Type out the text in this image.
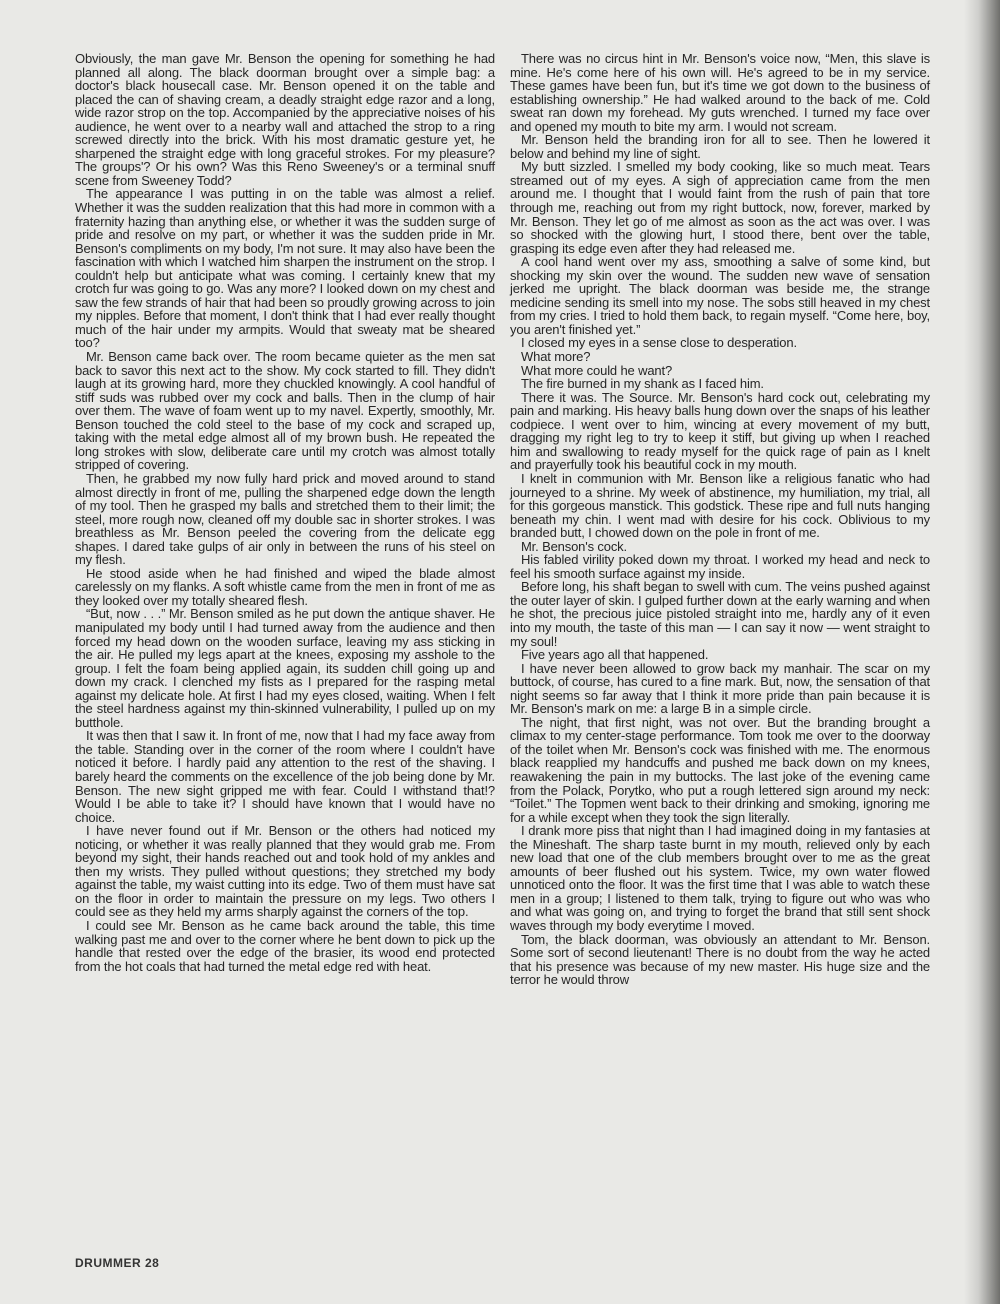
Obviously, the man gave Mr. Benson the opening for something he had planned all along. The black doorman brought over a simple bag: a doctor's black housecall case. Mr. Benson opened it on the table and placed the can of shaving cream, a deadly straight edge razor and a long, wide razor strop on the top. Accompanied by the appreciative noises of his audience, he went over to a nearby wall and attached the strop to a ring screwed directly into the brick. With his most dramatic gesture yet, he sharpened the straight edge with long graceful strokes. For my pleasure? The groups'? Or his own? Was this Reno Sweeney's or a terminal snuff scene from Sweeney Todd?

The appearance I was putting in on the table was almost a relief. Whether it was the sudden realization that this had more in common with a fraternity hazing than anything else, or whether it was the sudden surge of pride and resolve on my part, or whether it was the sudden pride in Mr. Benson's compliments on my body, I'm not sure. It may also have been the fascination with which I watched him sharpen the instrument on the strop. I couldn't help but anticipate what was coming. I certainly knew that my crotch fur was going to go. Was any more? I looked down on my chest and saw the few strands of hair that had been so proudly growing across to join my nipples. Before that moment, I don't think that I had ever really thought much of the hair under my armpits. Would that sweaty mat be sheared too?

Mr. Benson came back over. The room became quieter as the men sat back to savor this next act to the show. My cock started to fill. They didn't laugh at its growing hard, more they chuckled knowingly. A cool handful of stiff suds was rubbed over my cock and balls. Then in the clump of hair over them. The wave of foam went up to my navel. Expertly, smoothly, Mr. Benson touched the cold steel to the base of my cock and scraped up, taking with the metal edge almost all of my brown bush. He repeated the long strokes with slow, deliberate care until my crotch was almost totally stripped of covering.

Then, he grabbed my now fully hard prick and moved around to stand almost directly in front of me, pulling the sharpened edge down the length of my tool. Then he grasped my balls and stretched them to their limit; the steel, more rough now, cleaned off my double sac in shorter strokes. I was breathless as Mr. Benson peeled the covering from the delicate egg shapes. I dared take gulps of air only in between the runs of his steel on my flesh.

He stood aside when he had finished and wiped the blade almost carelessly on my flanks. A soft whistle came from the men in front of me as they looked over my totally sheared flesh.

“But, now . . .” Mr. Benson smiled as he put down the antique shaver. He manipulated my body until I had turned away from the audience and then forced my head down on the wooden surface, leaving my ass sticking in the air. He pulled my legs apart at the knees, exposing my asshole to the group. I felt the foam being applied again, its sudden chill going up and down my crack. I clenched my fists as I prepared for the rasping metal against my delicate hole. At first I had my eyes closed, waiting. When I felt the steel hardness against my thin-skinned vulnerability, I pulled up on my butthole.

It was then that I saw it. In front of me, now that I had my face away from the table. Standing over in the corner of the room where I couldn't have noticed it before. I hardly paid any attention to the rest of the shaving. I barely heard the comments on the excellence of the job being done by Mr. Benson. The new sight gripped me with fear. Could I withstand that!? Would I be able to take it? I should have known that I would have no choice.

I have never found out if Mr. Benson or the others had noticed my noticing, or whether it was really planned that they would grab me. From beyond my sight, their hands reached out and took hold of my ankles and then my wrists. They pulled without questions; they stretched my body against the table, my waist cutting into its edge. Two of them must have sat on the floor in order to maintain the pressure on my legs. Two others I could see as they held my arms sharply against the corners of the top.

I could see Mr. Benson as he came back around the table, this time walking past me and over to the corner where he bent down to pick up the handle that rested over the edge of the brasier, its wood end protected from the hot coals that had turned the metal edge red with heat.

There was no circus hint in Mr. Benson's voice now, “Men, this slave is mine. He's come here of his own will. He's agreed to be in my service. These games have been fun, but it's time we got down to the business of establishing ownership.” He had walked around to the back of me. Cold sweat ran down my forehead. My guts wrenched. I turned my face over and opened my mouth to bite my arm. I would not scream.

Mr. Benson held the branding iron for all to see. Then he lowered it below and behind my line of sight.

My butt sizzled. I smelled my body cooking, like so much meat. Tears streamed out of my eyes. A sigh of appreciation came from the men around me. I thought that I would faint from the rush of pain that tore through me, reaching out from my right buttock, now, forever, marked by Mr. Benson. They let go of me almost as soon as the act was over. I was so shocked with the glowing hurt, I stood there, bent over the table, grasping its edge even after they had released me.

A cool hand went over my ass, smoothing a salve of some kind, but shocking my skin over the wound. The sudden new wave of sensation jerked me upright. The black doorman was beside me, the strange medicine sending its smell into my nose. The sobs still heaved in my chest from my cries. I tried to hold them back, to regain myself. “Come here, boy, you aren't finished yet.”

I closed my eyes in a sense close to desperation.

What more?

What more could he want?

The fire burned in my shank as I faced him.

There it was. The Source. Mr. Benson's hard cock out, celebrating my pain and marking. His heavy balls hung down over the snaps of his leather codpiece. I went over to him, wincing at every movement of my butt, dragging my right leg to try to keep it stiff, but giving up when I reached him and swallowing to ready myself for the quick rage of pain as I knelt and prayerfully took his beautiful cock in my mouth.

I knelt in communion with Mr. Benson like a religious fanatic who had journeyed to a shrine. My week of abstinence, my humiliation, my trial, all for this gorgeous manstick. This godstick. These ripe and full nuts hanging beneath my chin. I went mad with desire for his cock. Oblivious to my branded butt, I chowed down on the pole in front of me.

Mr. Benson's cock.

His fabled virility poked down my throat. I worked my head and neck to feel his smooth surface against my inside.

Before long, his shaft began to swell with cum. The veins pushed against the outer layer of skin. I gulped further down at the early warning and when he shot, the precious juice pistoled straight into me, hardly any of it even into my mouth, the taste of this man — I can say it now — went straight to my soul!

Five years ago all that happened.

I have never been allowed to grow back my manhair. The scar on my buttock, of course, has cured to a fine mark. But, now, the sensation of that night seems so far away that I think it more pride than pain because it is Mr. Benson's mark on me: a large B in a simple circle.

The night, that first night, was not over. But the branding brought a climax to my center-stage performance. Tom took me over to the doorway of the toilet when Mr. Benson's cock was finished with me. The enormous black reapplied my handcuffs and pushed me back down on my knees, reawakening the pain in my buttocks. The last joke of the evening came from the Polack, Porytko, who put a rough lettered sign around my neck: “Toilet.” The Topmen went back to their drinking and smoking, ignoring me for a while except when they took the sign literally.

I drank more piss that night than I had imagined doing in my fantasies at the Mineshaft. The sharp taste burnt in my mouth, relieved only by each new load that one of the club members brought over to me as the great amounts of beer flushed out his system. Twice, my own water flowed unnoticed onto the floor. It was the first time that I was able to watch these men in a group; I listened to them talk, trying to figure out who was who and what was going on, and trying to forget the brand that still sent shock waves through my body everytime I moved.

Tom, the black doorman, was obviously an attendant to Mr. Benson. Some sort of second lieutenant! There is no doubt from the way he acted that his presence was because of my new master. His huge size and the terror he would throw

DRUMMER 28
